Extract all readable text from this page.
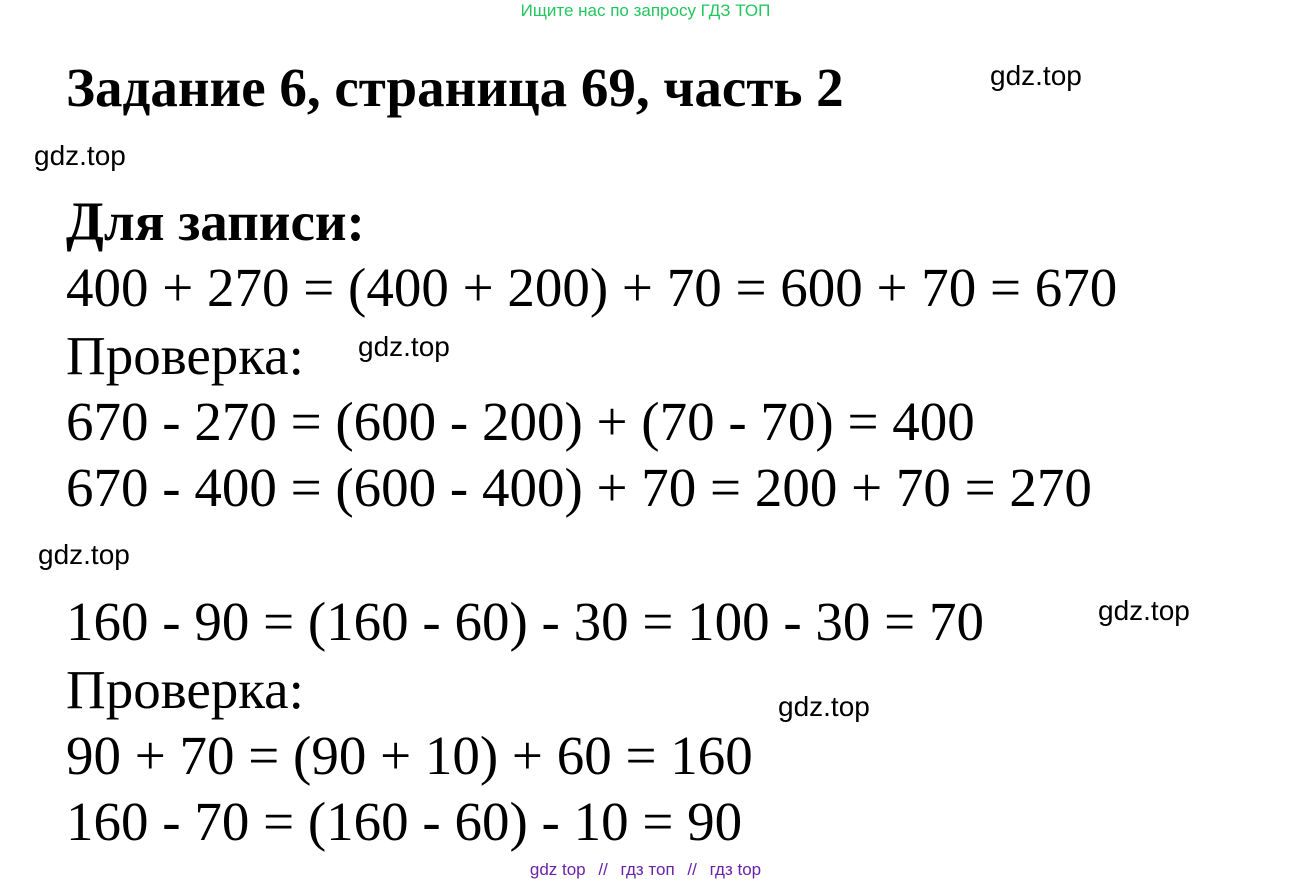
Ищите нас по запросу ГДЗ ТОП
Задание 6, страница 69, часть 2	gdz.top
gdz.top
Для записи:
400 + 270 = (400 + 200) + 70 = 600 + 70 = 670
Проверка: gdz.top
670 - 270 = (600 - 200) + (70 - 70) = 400
670 - 400 = (600 - 400) + 70 = 200 + 70 = 270
gdz.top
160 - 90 = (160 - 60) - 30 = 100 - 30 = 70	gdz.top
Проверка:	gdz.top
90 + 70 = (90 + 10) + 60 = 160
160 - 70 = (160 - 60) - 10 = 90
gdz top // гдз топ // гдз top
